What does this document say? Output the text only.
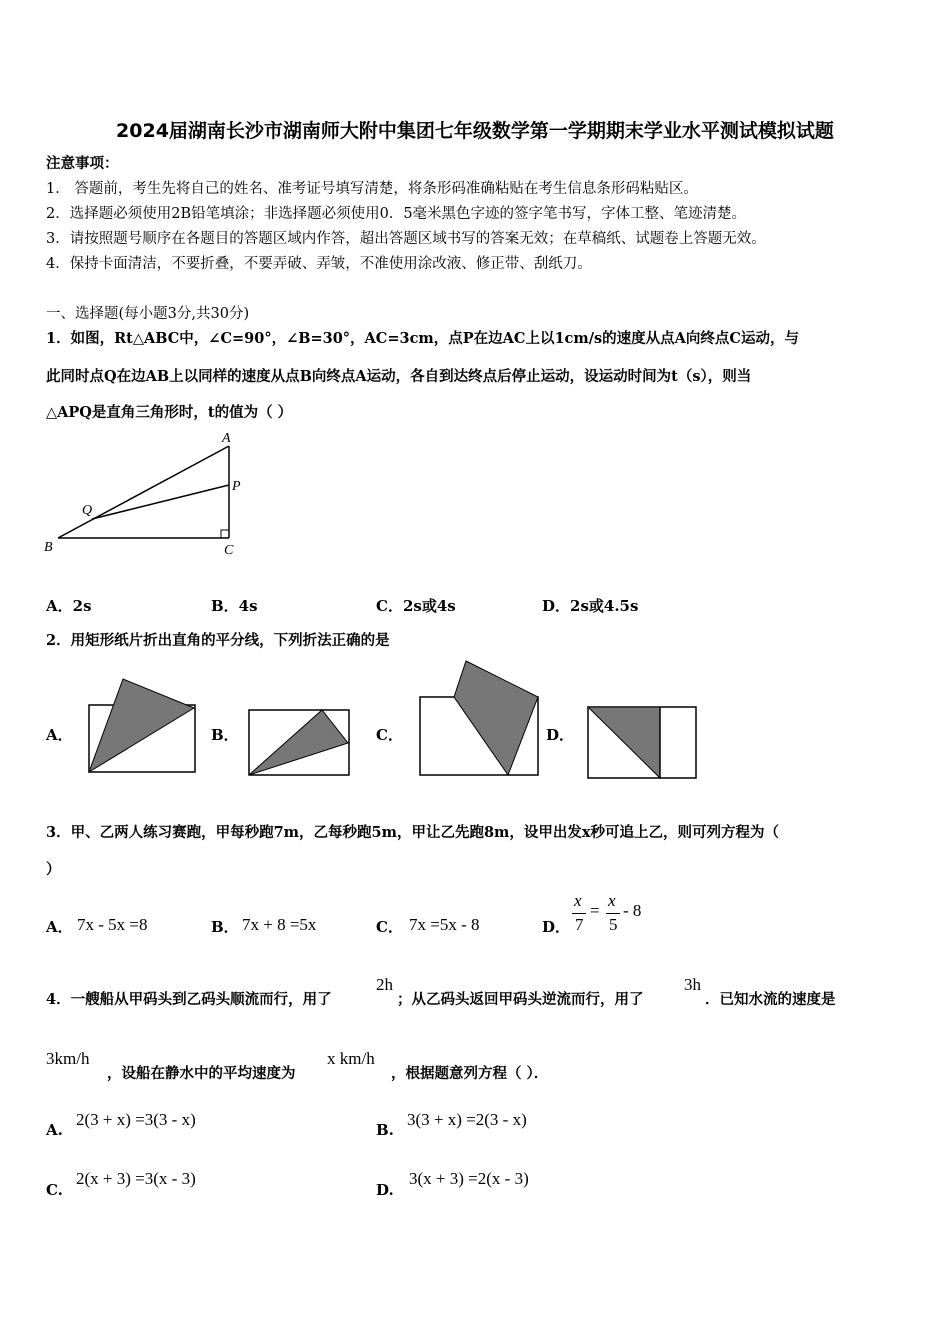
2024届湖南长沙市湖南师大附中集团七年级数学第一学期期末学业水平测试模拟试题
注意事项：
1． 答题前，考生先将自己的姓名、准考证号填写清楚，将条形码准确粘贴在考生信息条形码粘贴区。
2．选择题必须使用2B铅笔填涂；非选择题必须使用0．5毫米黑色字迹的签字笔书写，字体工整、笔迹清楚。
3．请按照题号顺序在各题目的答题区域内作答，超出答题区域书写的答案无效；在草稿纸、试题卷上答题无效。
4．保持卡面清洁，不要折叠，不要弄破、弄皱，不准使用涂改液、修正带、刮纸刀。
一、选择题(每小题3分,共30分)
1．如图，Rt△ABC中，∠C=90°，∠B=30°，AC=3cm，点P在边AC上以1cm/s的速度从点A向终点C运动，与
此同时点Q在边AB上以同样的速度从点B向终点A运动，各自到达终点后停止运动，设运动时间为t（s），则当
△APQ是直角三角形时，t的值为（ ）
A
P
Q
B	C
A．2s	B．4s	C．2s或4s	D．2s或4.5s
2．用矩形纸片折出直角的平分线，下列折法正确的是
A．	B．	C．	D．
3．甲、乙两人练习赛跑，甲每秒跑7m，乙每秒跑5m，甲让乙先跑8m，设甲出发x秒可追上乙，则可列方程为（
）
A． 7x - 5x =8	B． 7x + 8 =5x	C． 7x =5x - 8	D．
x
7
=
x
5
- 8
4．一艘船从甲码头到乙码头顺流而行，用了
2h
；从乙码头返回甲码头逆流而行，用了
3h
．已知水流的速度是
3km/h
，设船在静水中的平均速度为
x km/h
，根据题意列方程（ ）．
A.
2(3 + x) =3(3 - x)
B.
3(3 + x) =2(3 - x)
C.
2(x + 3) =3(x - 3)
D.
3(x + 3) =2(x - 3)
